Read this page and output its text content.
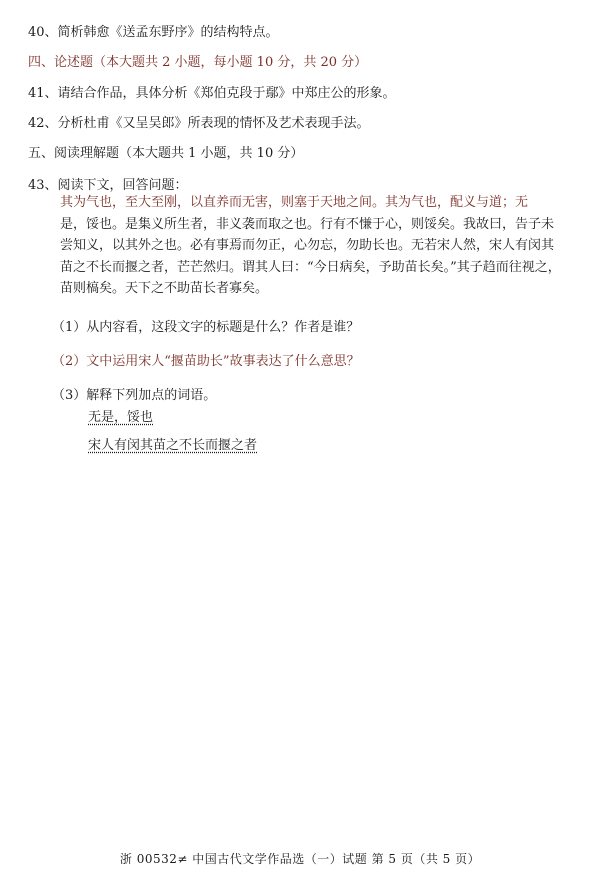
40、简析韩愈《送孟东野序》的结构特点。
四、论述题（本大题共 2 小题，每小题 10 分，共 20 分）
41、请结合作品，具体分析《郑伯克段于鄢》中郑庄公的形象。
42、分析杜甫《又呈吴郎》所表现的情怀及艺术表现手法。
五、阅读理解题（本大题共 1 小题，共 10 分）
43、阅读下文，回答问题：
其为气也，至大至刚，以直养而无害，则塞于天地之间。其为气也，配义与道；无
是，馁也。是集义所生者，非义袭而取之也。行有不慊于心，则馁矣。我故曰，告子未
尝知义，以其外之也。必有事焉而勿正，心勿忘，勿助长也。无若宋人然，宋人有闵其
苗之不长而揠之者，芒芒然归。谓其人曰：“今日病矣，予助苗长矣。”其子趋而往视之，
苗则槁矣。天下之不助苗长者寡矣。
（1）从内容看，这段文字的标题是什么？作者是谁？
（2）文中运用宋人“揠苗助长”故事表达了什么意思？
（3）解释下列加点的词语。
无是，馁也
宋人有闵其苗之不长而揠之者
浙 00532≠ 中国古代文学作品选（一）试题 第 5 页（共 5 页）
